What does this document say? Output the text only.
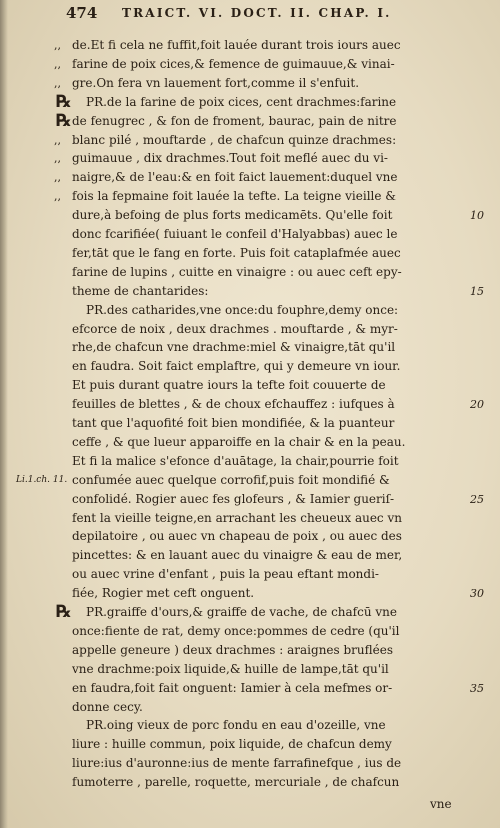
474 TRAICT. VI. DOCT. II. CHAP. I.
de.Et fi cela ne fuffit,foit lauée durant trois iours auec
,,
farine de poix cices,& femence de guimauue,& vinai-
,,
gre.On fera vn lauement fort,comme il s'enfuit.
,,
PR.de la farine de poix cices, cent drachmes:farine
℞
de fenugrec , & fon de froment, baurac, pain de nitre
℞
blanc pilé , mouftarde , de chafcun quinze drachmes:
,,
guimauue , dix drachmes.Tout foit meflé auec du vi-
,,
naigre,& de l'eau:& en foit faict lauement:duquel vne
,,
fois la fepmaine foit lauée la tefte. La teigne vieille &
,,
dure,à befoing de plus forts medicamēts. Qu'elle foit	10
donc fcarifiée( fuiuant le confeil d'Halyabbas) auec le
fer,tāt que le fang en forte. Puis foit cataplafmée auec
farine de lupins , cuitte en vinaigre : ou auec ceft epy-
theme de chantarides:	15
PR.des catharides,vne once:du fouphre,demy once:
efcorce de noix , deux drachmes . mouftarde , & myr-
rhe,de chafcun vne drachme:miel & vinaigre,tāt qu'il
en faudra. Soit faict emplaftre, qui y demeure vn iour.
Et puis durant quatre iours la tefte foit couuerte de
feuilles de blettes , & de choux efchauffez : iufques à	20
tant que l'aquofité foit bien mondifiée, & la puanteur
ceffe , & que lueur apparoiffe en la chair & en la peau.
Et fi la malice s'efonce d'auātage, la chair,pourrie foit
confumée auec quelque corrofif,puis foit mondifié &
Li.1.ch. 11.
confolidé. Rogier auec fes glofeurs , & Iamier gueriſ-	25
fent la vieille teigne,en arrachant les cheueux auec vn
depilatoire , ou auec vn chapeau de poix , ou auec des
pincettes: & en lauant auec du vinaigre & eau de mer,
ou auec vrine d'enfant , puis la peau eftant mondi-
fiée, Rogier met ceft onguent.	30
PR.graiffe d'ours,& graiffe de vache, de chafcū vne
℞
once:fiente de rat, demy once:pommes de cedre (qu'il
appelle geneure ) deux drachmes : araignes bruflées
vne drachme:poix liquide,& huille de lampe,tāt qu'il
en faudra,foit fait onguent: Iamier à cela mefmes or-	35
donne cecy.
PR.oing vieux de porc fondu en eau d'ozeille, vne
liure : huille commun, poix liquide, de chafcun demy
liure:ius d'auronne:ius de mente farrafinefque , ius de
fumoterre , parelle, roquette, mercuriale , de chafcun
vne
